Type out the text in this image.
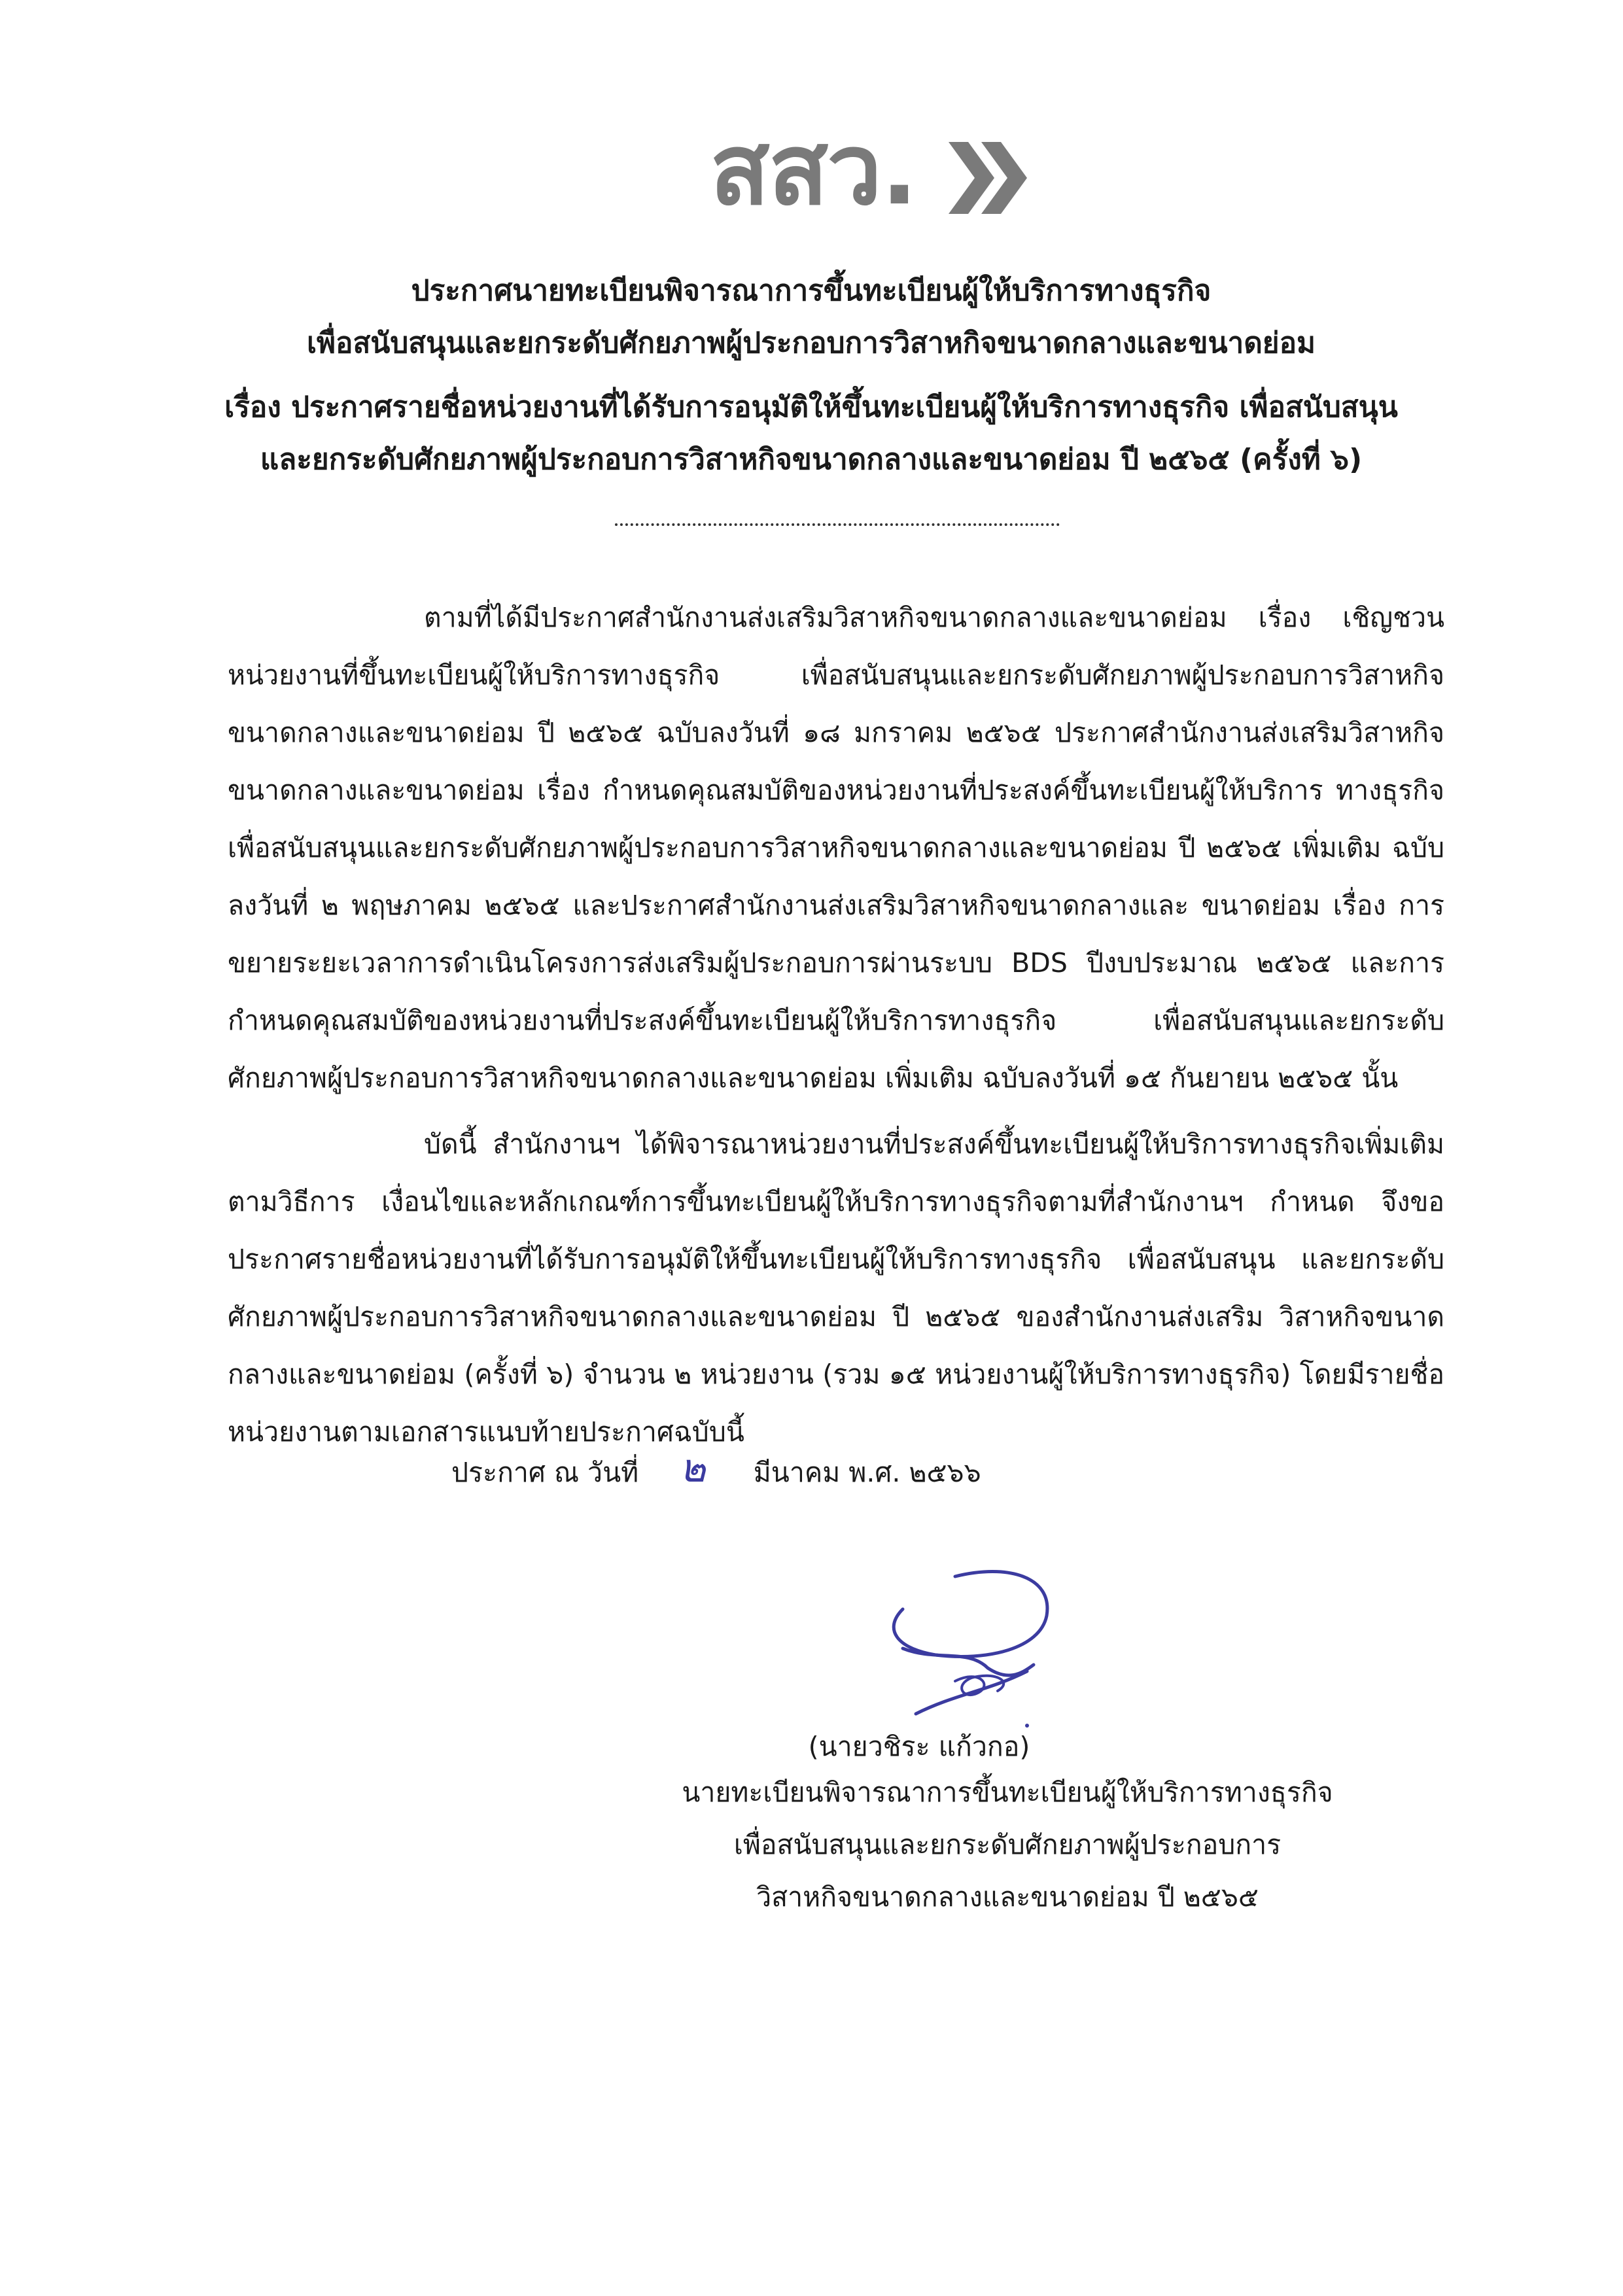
สสว.
ประกาศนายทะเบียนพิจารณาการขึ้นทะเบียนผู้ให้บริการทางธุรกิจ
เพื่อสนับสนุนและยกระดับศักยภาพผู้ประกอบการวิสาหกิจขนาดกลางและขนาดย่อม
เรื่อง ประกาศรายชื่อหน่วยงานที่ได้รับการอนุมัติให้ขึ้นทะเบียนผู้ให้บริการทางธุรกิจ เพื่อสนับสนุน
และยกระดับศักยภาพผู้ประกอบการวิสาหกิจขนาดกลางและขนาดย่อม ปี ๒๕๖๕ (ครั้งที่ ๖)
ตามที่ได้มีประกาศสำนักงานส่งเสริมวิสาหกิจขนาดกลางและขนาดย่อม เรื่อง เชิญชวน หน่วยงานที่ขึ้นทะเบียนผู้ให้บริการทางธุรกิจ เพื่อสนับสนุนและยกระดับศักยภาพผู้ประกอบการวิสาหกิจ ขนาดกลางและขนาดย่อม ปี ๒๕๖๕ ฉบับลงวันที่ ๑๘ มกราคม ๒๕๖๕ ประกาศสำนักงานส่งเสริมวิสาหกิจ ขนาดกลางและขนาดย่อม เรื่อง กำหนดคุณสมบัติของหน่วยงานที่ประสงค์ขึ้นทะเบียนผู้ให้บริการ ทางธุรกิจ เพื่อสนับสนุนและยกระดับศักยภาพผู้ประกอบการวิสาหกิจขนาดกลางและขนาดย่อม ปี ๒๕๖๕ เพิ่มเติม ฉบับลงวันที่ ๒ พฤษภาคม ๒๕๖๕ และประกาศสำนักงานส่งเสริมวิสาหกิจขนาดกลางและ ขนาดย่อม เรื่อง การขยายระยะเวลาการดำเนินโครงการส่งเสริมผู้ประกอบการผ่านระบบ BDS ปีงบประมาณ ๒๕๖๕ และการกำหนดคุณสมบัติของหน่วยงานที่ประสงค์ขึ้นทะเบียนผู้ให้บริการทางธุรกิจ เพื่อสนับสนุนและยกระดับศักยภาพผู้ประกอบการวิสาหกิจขนาดกลางและขนาดย่อม เพิ่มเติม ฉบับลงวันที่ ๑๕ กันยายน ๒๕๖๕ นั้น
บัดนี้ สำนักงานฯ ได้พิจารณาหน่วยงานที่ประสงค์ขึ้นทะเบียนผู้ให้บริการทางธุรกิจเพิ่มเติม ตามวิธีการ เงื่อนไขและหลักเกณฑ์การขึ้นทะเบียนผู้ให้บริการทางธุรกิจตามที่สำนักงานฯ กำหนด จึงขอประกาศรายชื่อหน่วยงานที่ได้รับการอนุมัติให้ขึ้นทะเบียนผู้ให้บริการทางธุรกิจ เพื่อสนับสนุน และยกระดับศักยภาพผู้ประกอบการวิสาหกิจขนาดกลางและขนาดย่อม ปี ๒๕๖๕ ของสำนักงานส่งเสริม วิสาหกิจขนาดกลางและขนาดย่อม (ครั้งที่ ๖) จำนวน ๒ หน่วยงาน (รวม ๑๕ หน่วยงานผู้ให้บริการทางธุรกิจ) โดยมีรายชื่อหน่วยงานตามเอกสารแนบท้ายประกาศฉบับนี้
ประกาศ ณ วันที่ ๒ มีนาคม พ.ศ. ๒๕๖๖
(นายวชิระ แก้วกอ)
นายทะเบียนพิจารณาการขึ้นทะเบียนผู้ให้บริการทางธุรกิจ
เพื่อสนับสนุนและยกระดับศักยภาพผู้ประกอบการ
วิสาหกิจขนาดกลางและขนาดย่อม ปี ๒๕๖๕
